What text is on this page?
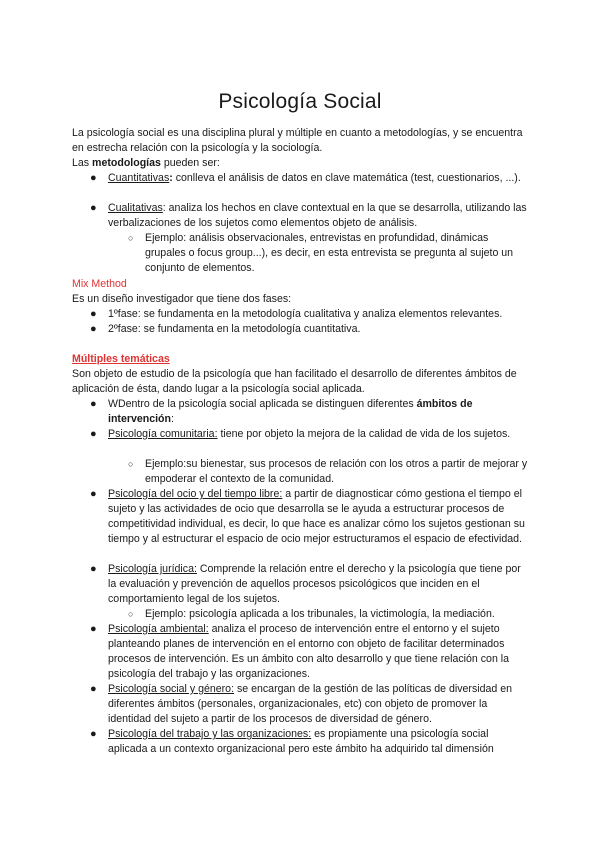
Psicología Social

La psicología social es una disciplina plural y múltiple en cuanto a metodologías, y se encuentra en estrecha relación con la psicología y la sociología.

Las metodologías pueden ser:

● Cuantitativas: conlleva el análisis de datos en clave matemática (test, cuestionarios, ...).

● Cualitativas: analiza los hechos en clave contextual en la que se desarrolla, utilizando las verbalizaciones de los sujetos como elementos objeto de análisis.

○ Ejemplo: análisis observacionales, entrevistas en profundidad, dinámicas grupales o focus group...), es decir, en esta entrevista se pregunta al sujeto un conjunto de elementos.

Mix Method

Es un diseño investigador que tiene dos fases:

● 1ºfase: se fundamenta en la metodología cualitativa y analiza elementos relevantes.

● 2ºfase: se fundamenta en la metodología cuantitativa.

Múltiples temáticas

Son objeto de estudio de la psicología que han facilitado el desarrollo de diferentes ámbitos de aplicación de ésta, dando lugar a la psicología social aplicada.

● WDentro de la psicología social aplicada se distinguen diferentes ámbitos de intervención:

● Psicología comunitaria: tiene por objeto la mejora de la calidad de vida de los sujetos.

○ Ejemplo:su bienestar, sus procesos de relación con los otros a partir de mejorar y empoderar el contexto de la comunidad.

● Psicología del ocio y del tiempo libre: a partir de diagnosticar cómo gestiona el tiempo el sujeto y las actividades de ocio que desarrolla se le ayuda a estructurar procesos de competitividad individual, es decir, lo que hace es analizar cómo los sujetos gestionan su tiempo y al estructurar el espacio de ocio mejor estructuramos el espacio de efectividad.

● Psicología jurídica: Comprende la relación entre el derecho y la psicología que tiene por la evaluación y prevención de aquellos procesos psicológicos que inciden en el comportamiento legal de los sujetos.

○ Ejemplo: psicología aplicada a los tribunales, la victimología, la mediación.

● Psicología ambiental: analiza el proceso de intervención entre el entorno y el sujeto planteando planes de intervención en el entorno con objeto de facilitar determinados procesos de intervención. Es un ámbito con alto desarrollo y que tiene relación con la psicología del trabajo y las organizaciones.

● Psicología social y género: se encargan de la gestión de las políticas de diversidad en diferentes ámbitos (personales, organizacionales, etc) con objeto de promover la identidad del sujeto a partir de los procesos de diversidad de género.

● Psicología del trabajo y las organizaciones: es propiamente una psicología social aplicada a un contexto organizacional pero este ámbito ha adquirido tal dimensión
